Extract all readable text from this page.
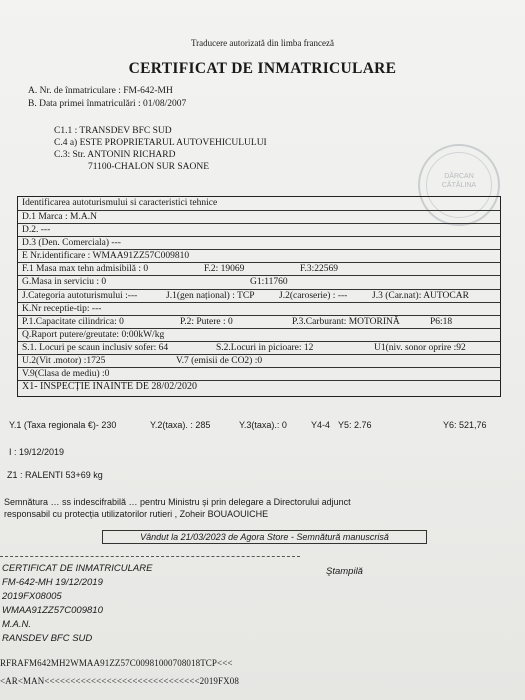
Traducere autorizată din limba franceză
CERTIFICAT DE INMATRICULARE
A. Nr. de înmatriculare : FM-642-MH
B. Data primei înmatriculări : 01/08/2007
C1.1 : TRANSDEV BFC SUD
C.4 a) ESTE PROPRIETARUL AUTOVEHICULULUI
C.3: Str. ANTONIN RICHARD
71100-CHALON SUR SAONE
DĂRCAN
CĂTĂLINA
Identificarea autoturismului si caracteristici tehnice
D.1 Marca : M.A.N
D.2. ---
D.3 (Den. Comerciala) ---
E Nr.identificare : WMAA91ZZ57C009810
F.1 Masa max tehn admisibilă : 0	F.2: 19069	F.3:22569
G.Masa in serviciu : 0	G1:11760
J.Categoria autoturismului :---	J.1(gen național) : TCP	J.2(caroserie) : ---	J.3 (Car.nat): AUTOCAR
K.Nr receptie-tip: ---
P.1.Capacitate cilindrica: 0	P.2: Putere : 0	P.3.Carburant: MOTORINĂ	P6:18
Q.Raport putere/greutate: 0:00kW/kg
S.1. Locuri pe scaun inclusiv sofer: 64	S.2.Locuri in picioare: 12	U1(niv. sonor oprire :92
U.2(Vit .motor) :1725	V.7 (emisii de CO2) :0
V.9(Clasa de mediu) :0
X1- INSPECȚIE INAINTE DE 28/02/2020
Y.1 (Taxa regionala €)- 230	Y.2(taxa). : 285	Y.3(taxa).: 0	Y4-4 Y5: 2.76	Y6: 521,76
I : 19/12/2019
Z1 : RALENTI 53+69 kg
Semnătura … ss indescifrabilă … pentru Ministru și prin delegare a Directorului adjunct
responsabil cu protecția utilizatorilor rutieri , Zoheir BOUAOUICHE
Vândut la 21/03/2023 de Agora Store - Semnătură manuscrisă
CERTIFICAT DE INMATRICULARE	Ştampilă
FM-642-MH 19/12/2019
2019FX08005
WMAA91ZZ57C009810
M.A.N.
RANSDEV BFC SUD
RFRAFM642MH2WMAA91ZZ57C00981000708018TCP<<<
<AR<MAN<<<<<<<<<<<<<<<<<<<<<<<<<<<<<<2019FX08
